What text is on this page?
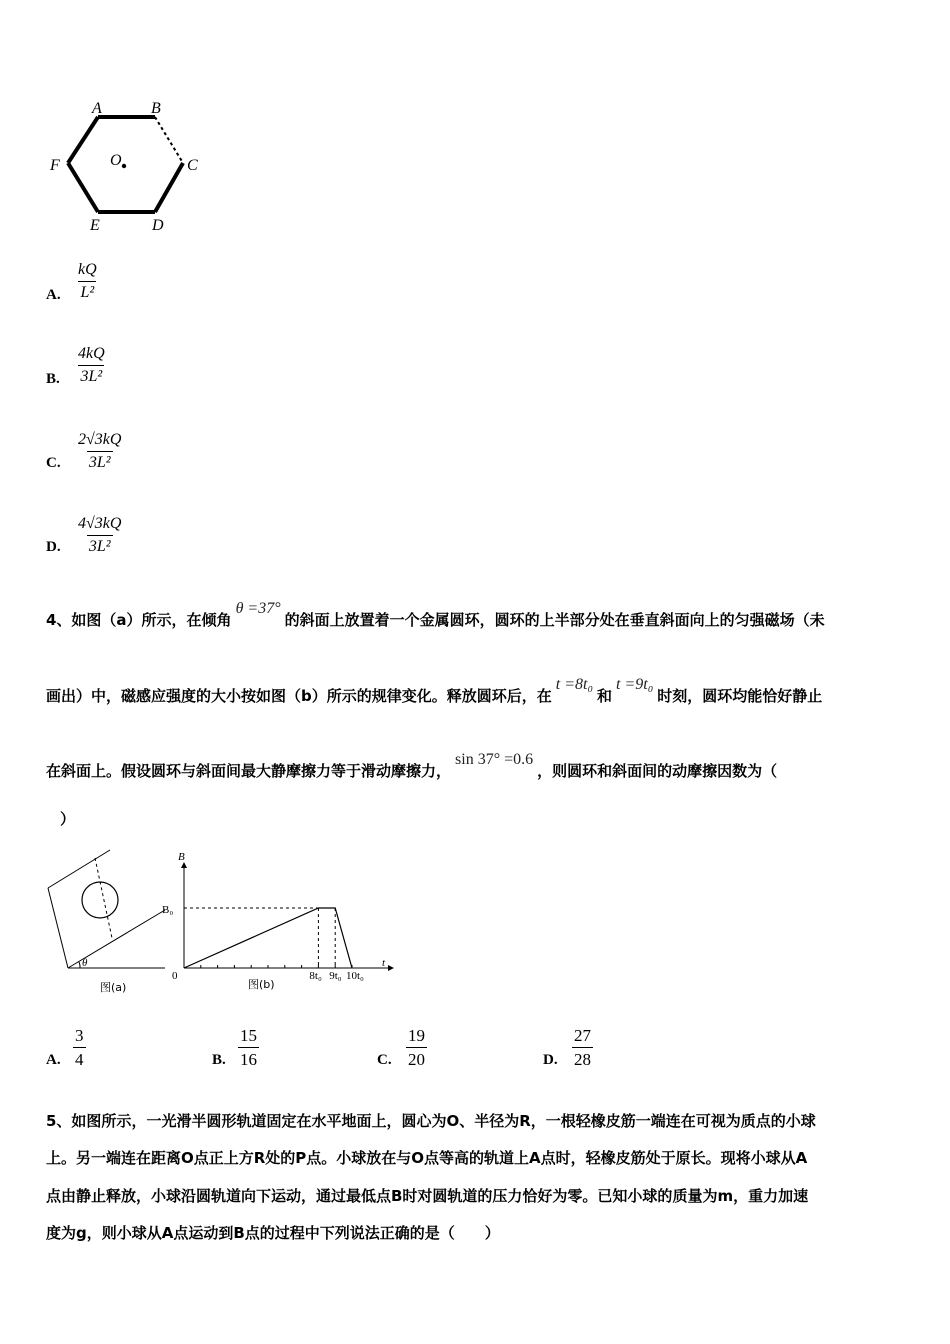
A	B
C
D
E
F	O
A. $\frac{kQ}{\text{L²}}$
B. $\frac{4kQ}{\text{3L²}}$
C. $\frac{2√3kQ}{\text{3L²}}$
D. $\frac{4√3kQ}{\text{3L²}}$
4、如图（a）所示，在倾角θ =37°的斜面上放置着一个金属圆环，圆环的上半部分处在垂直斜面向上的匀强磁场（未
画出）中，磁感应强度的大小按如图（b）所示的规律变化。释放圆环后，在t =8t₀和t =9t₀时刻，圆环均能恰好静止
在斜面上。假设圆环与斜面间最大静摩擦力等于滑动摩擦力，sin 37° =0.6，则圆环和斜面间的动摩擦因数为（
）
θ
图(a)
B
t
B₀
0	8t₀ 9t₀ 10t₀
图(b)
A. $\frac{3}{4}$	B. $\frac{15}{16}$	C. $\frac{19}{20}$	D. $\frac{27}{28}$
5、如图所示，一光滑半圆形轨道固定在水平地面上，圆心为O、半径为R，一根轻橡皮筋一端连在可视为质点的小球
上。另一端连在距离O点正上方R处的P点。小球放在与O点等高的轨道上A点时，轻橡皮筋处于原长。现将小球从A
点由静止释放，小球沿圆轨道向下运动，通过最低点B时对圆轨道的压力恰好为零。已知小球的质量为m，重力加速
度为g，则小球从A点运动到B点的过程中下列说法正确的是（　　）
